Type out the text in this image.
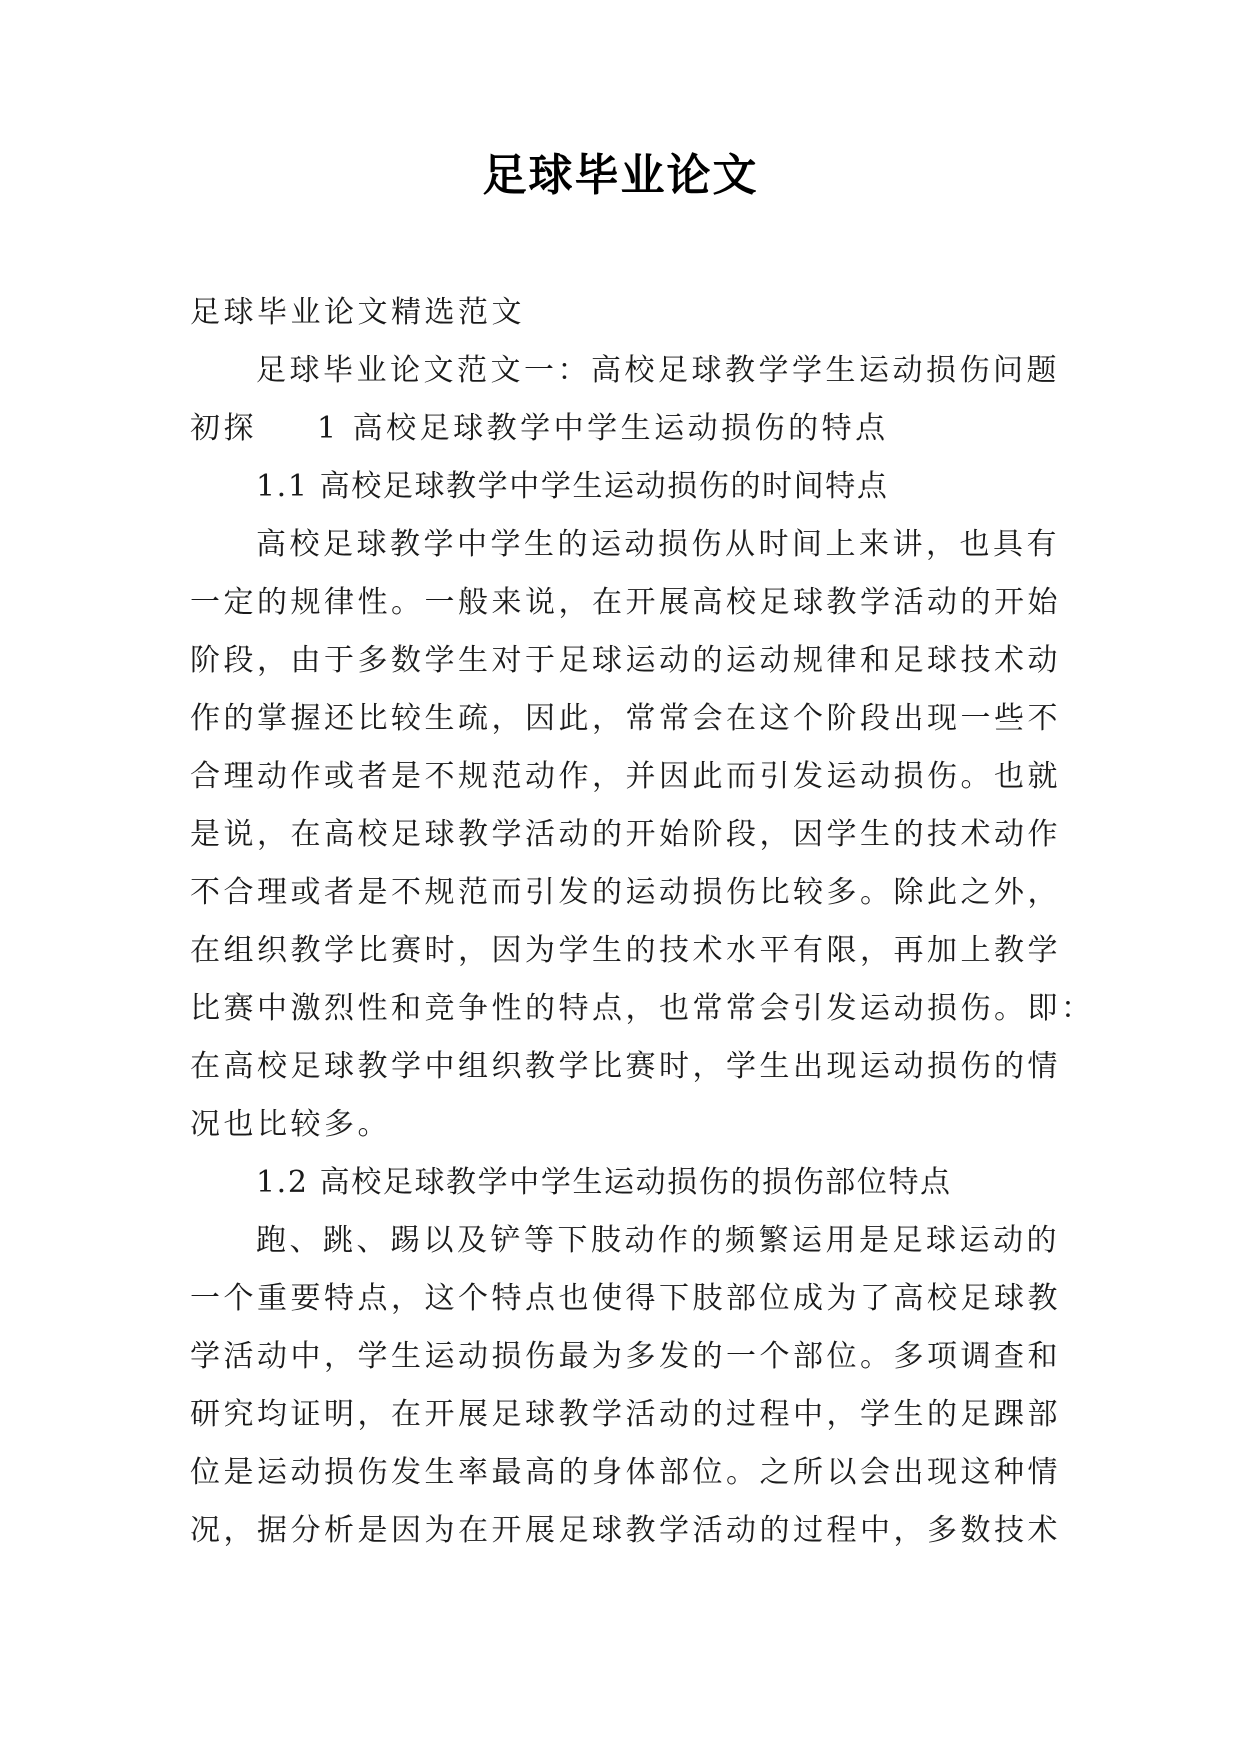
足球毕业论文
足球毕业论文精选范文
足球毕业论文范文一：高校足球教学学生运动损伤问题
初探 1 高校足球教学中学生运动损伤的特点
1.1 高校足球教学中学生运动损伤的时间特点
高校足球教学中学生的运动损伤从时间上来讲，也具有
一定的规律性。一般来说，在开展高校足球教学活动的开始
阶段，由于多数学生对于足球运动的运动规律和足球技术动
作的掌握还比较生疏，因此，常常会在这个阶段出现一些不
合理动作或者是不规范动作，并因此而引发运动损伤。也就
是说，在高校足球教学活动的开始阶段，因学生的技术动作
不合理或者是不规范而引发的运动损伤比较多。除此之外，
在组织教学比赛时，因为学生的技术水平有限，再加上教学
比赛中激烈性和竞争性的特点，也常常会引发运动损伤。即：
在高校足球教学中组织教学比赛时，学生出现运动损伤的情
况也比较多。
1.2 高校足球教学中学生运动损伤的损伤部位特点
跑、跳、踢以及铲等下肢动作的频繁运用是足球运动的
一个重要特点，这个特点也使得下肢部位成为了高校足球教
学活动中，学生运动损伤最为多发的一个部位。多项调查和
研究均证明，在开展足球教学活动的过程中，学生的足踝部
位是运动损伤发生率最高的身体部位。之所以会出现这种情
况，据分析是因为在开展足球教学活动的过程中，多数技术
